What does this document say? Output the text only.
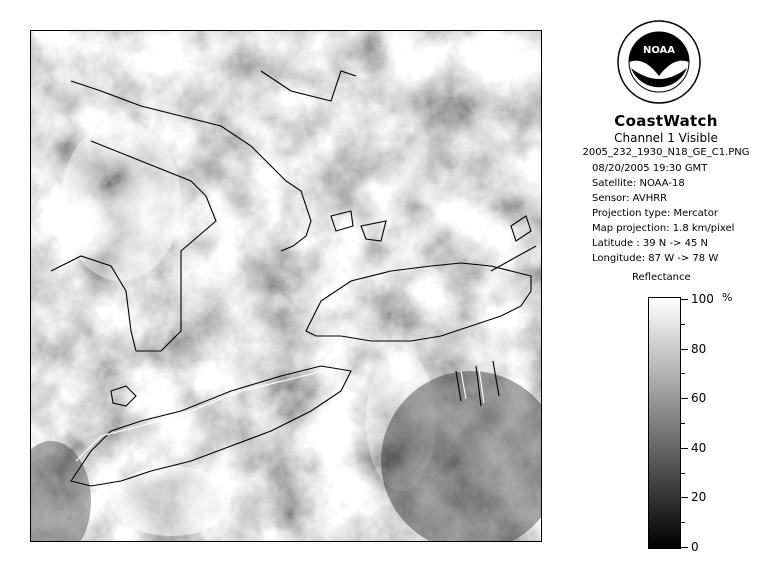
NOAA
CoastWatch
Channel 1 Visible
2005_232_1930_N18_GE_C1.PNG
08/20/2005 19:30 GMT
Satellite: NOAA-18
Sensor: AVHRR
Projection type: Mercator
Map projection: 1.8 km/pixel
Latitude : 39 N -> 45 N
Longitude: 87 W -> 78 W
Reflectance
%
100
80
60
40
20
0
